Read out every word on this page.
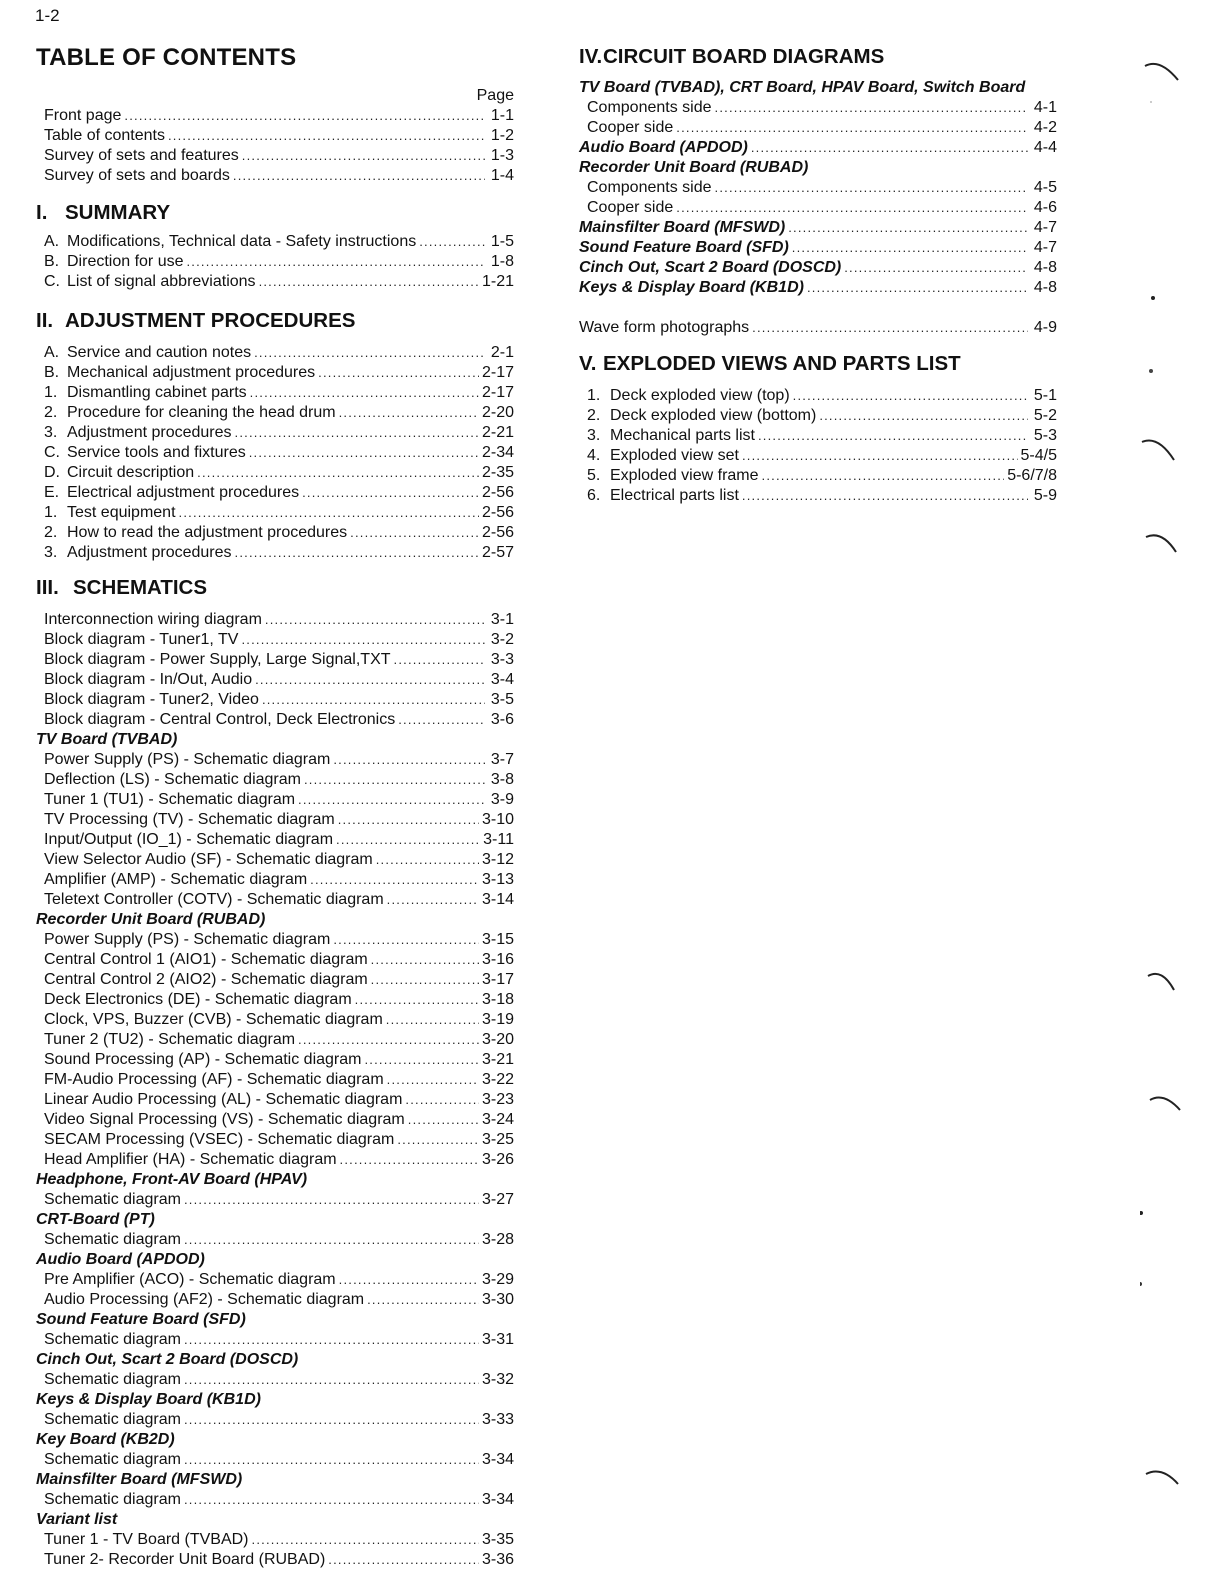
1-2
TABLE OF CONTENTS
Page
Front page .....	1-1
Table of contents .....	1-2
Survey of sets and features .....	1-3
Survey of sets and boards .....	1-4
I. SUMMARY
A. Modifications, Technical data - Safety instructions .....	1-5
B. Direction for use .....	1-8
C. List of signal abbreviations .....	1-21
II. ADJUSTMENT PROCEDURES
A. Service and caution notes .....	2-1
B. Mechanical adjustment procedures .....	2-17
1. Dismantling cabinet parts .....	2-17
2. Procedure for cleaning the head drum .....	2-20
3. Adjustment procedures .....	2-21
C. Service tools and fixtures .....	2-34
D. Circuit description .....	2-35
E. Electrical adjustment procedures .....	2-56
1. Test equipment .....	2-56
2. How to read the adjustment procedures .....	2-56
3. Adjustment procedures .....	2-57
III. SCHEMATICS
Interconnection wiring diagram .....	3-1
Block diagram - Tuner1, TV .....	3-2
Block diagram - Power Supply, Large Signal,TXT .....	3-3
Block diagram - In/Out, Audio .....	3-4
Block diagram - Tuner2, Video .....	3-5
Block diagram - Central Control, Deck Electronics .....	3-6
TV Board (TVBAD)
Power Supply (PS) - Schematic diagram .....	3-7
Deflection (LS) - Schematic diagram .....	3-8
Tuner 1 (TU1) - Schematic diagram .....	3-9
TV Processing (TV) - Schematic diagram .....	3-10
Input/Output (IO_1) - Schematic diagram .....	3-11
View Selector Audio (SF) - Schematic diagram .....	3-12
Amplifier (AMP) - Schematic diagram .....	3-13
Teletext Controller (COTV) - Schematic diagram .....	3-14
Recorder Unit Board (RUBAD)
Power Supply (PS) - Schematic diagram .....	3-15
Central Control 1 (AIO1) - Schematic diagram .....	3-16
Central Control 2 (AIO2) - Schematic diagram .....	3-17
Deck Electronics (DE) - Schematic diagram .....	3-18
Clock, VPS, Buzzer (CVB) - Schematic diagram .....	3-19
Tuner 2 (TU2) - Schematic diagram .....	3-20
Sound Processing (AP) - Schematic diagram .....	3-21
FM-Audio Processing (AF) - Schematic diagram .....	3-22
Linear Audio Processing (AL) - Schematic diagram .....	3-23
Video Signal Processing (VS) - Schematic diagram .....	3-24
SECAM Processing (VSEC) - Schematic diagram .....	3-25
Head Amplifier (HA) - Schematic diagram .....	3-26
Headphone, Front-AV Board (HPAV)
Schematic diagram .....	3-27
CRT-Board (PT)
Schematic diagram .....	3-28
Audio Board (APDOD)
Pre Amplifier (ACO) - Schematic diagram .....	3-29
Audio Processing (AF2) - Schematic diagram .....	3-30
Sound Feature Board (SFD)
Schematic diagram .....	3-31
Cinch Out, Scart 2 Board (DOSCD)
Schematic diagram .....	3-32
Keys & Display Board (KB1D)
Schematic diagram .....	3-33
Key Board (KB2D)
Schematic diagram .....	3-34
Mainsfilter Board (MFSWD)
Schematic diagram .....	3-34
Variant list
Tuner 1 - TV Board (TVBAD) .....	3-35
Tuner 2- Recorder Unit Board (RUBAD) .....	3-36
IV.CIRCUIT BOARD DIAGRAMS
TV Board (TVBAD), CRT Board, HPAV Board, Switch Board
Components side .....	4-1
Cooper side .....	4-2
Audio Board (APDOD) .....	4-4
Recorder Unit Board (RUBAD)
Components side .....	4-5
Cooper side .....	4-6
Mainsfilter Board (MFSWD) .....	4-7
Sound Feature Board (SFD) .....	4-7
Cinch Out, Scart 2 Board (DOSCD) .....	4-8
Keys & Display Board (KB1D) .....	4-8
Wave form photographs .....	4-9
V. EXPLODED VIEWS AND PARTS LIST
1. Deck exploded view (top) .....	5-1
2. Deck exploded view (bottom) .....	5-2
3. Mechanical parts list .....	5-3
4. Exploded view set .....	5-4/5
5. Exploded view frame .....	5-6/7/8
6. Electrical parts list .....	5-9
